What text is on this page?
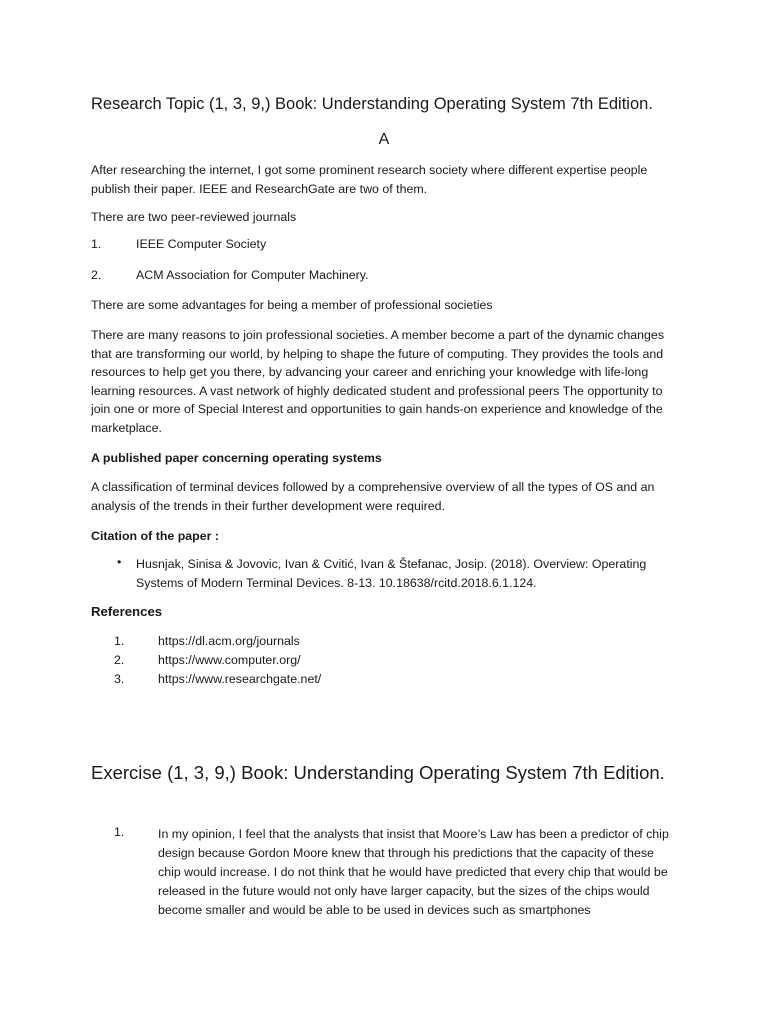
Research Topic (1, 3, 9,) Book: Understanding Operating System 7th Edition.
A
After researching the internet, I got some prominent research society where different expertise people publish their paper. IEEE and ResearchGate are two of them.
There are two peer-reviewed journals
1.	IEEE Computer Society
2.	ACM Association for Computer Machinery.
There are some advantages for being a member of professional societies
There are many reasons to join professional societies. A member become a part of the dynamic changes that are transforming our world, by helping to shape the future of computing. They provides the tools and resources to help get you there, by advancing your career and enriching your knowledge with life-long learning resources. A vast network of highly dedicated student and professional peers The opportunity to join one or more of Special Interest and opportunities to gain hands-on experience and knowledge of the marketplace.
A published paper concerning operating systems
A classification of terminal devices followed by a comprehensive overview of all the types of OS and an analysis of the trends in their further development were required.
Citation of the paper :
• Husnjak, Sinisa & Jovovic, Ivan & Cvitić, Ivan & Štefanac, Josip. (2018). Overview: Operating Systems of Modern Terminal Devices. 8-13. 10.18638/rcitd.2018.6.1.124.
References
1.	https://dl.acm.org/journals
2.	https://www.computer.org/
3.	https://www.researchgate.net/
Exercise (1, 3, 9,) Book: Understanding Operating System 7th Edition.
1.	In my opinion, I feel that the analysts that insist that Moore’s Law has been a predictor of chip design because Gordon Moore knew that through his predictions that the capacity of these chip would increase. I do not think that he would have predicted that every chip that would be released in the future would not only have larger capacity, but the sizes of the chips would become smaller and would be able to be used in devices such as smartphones
